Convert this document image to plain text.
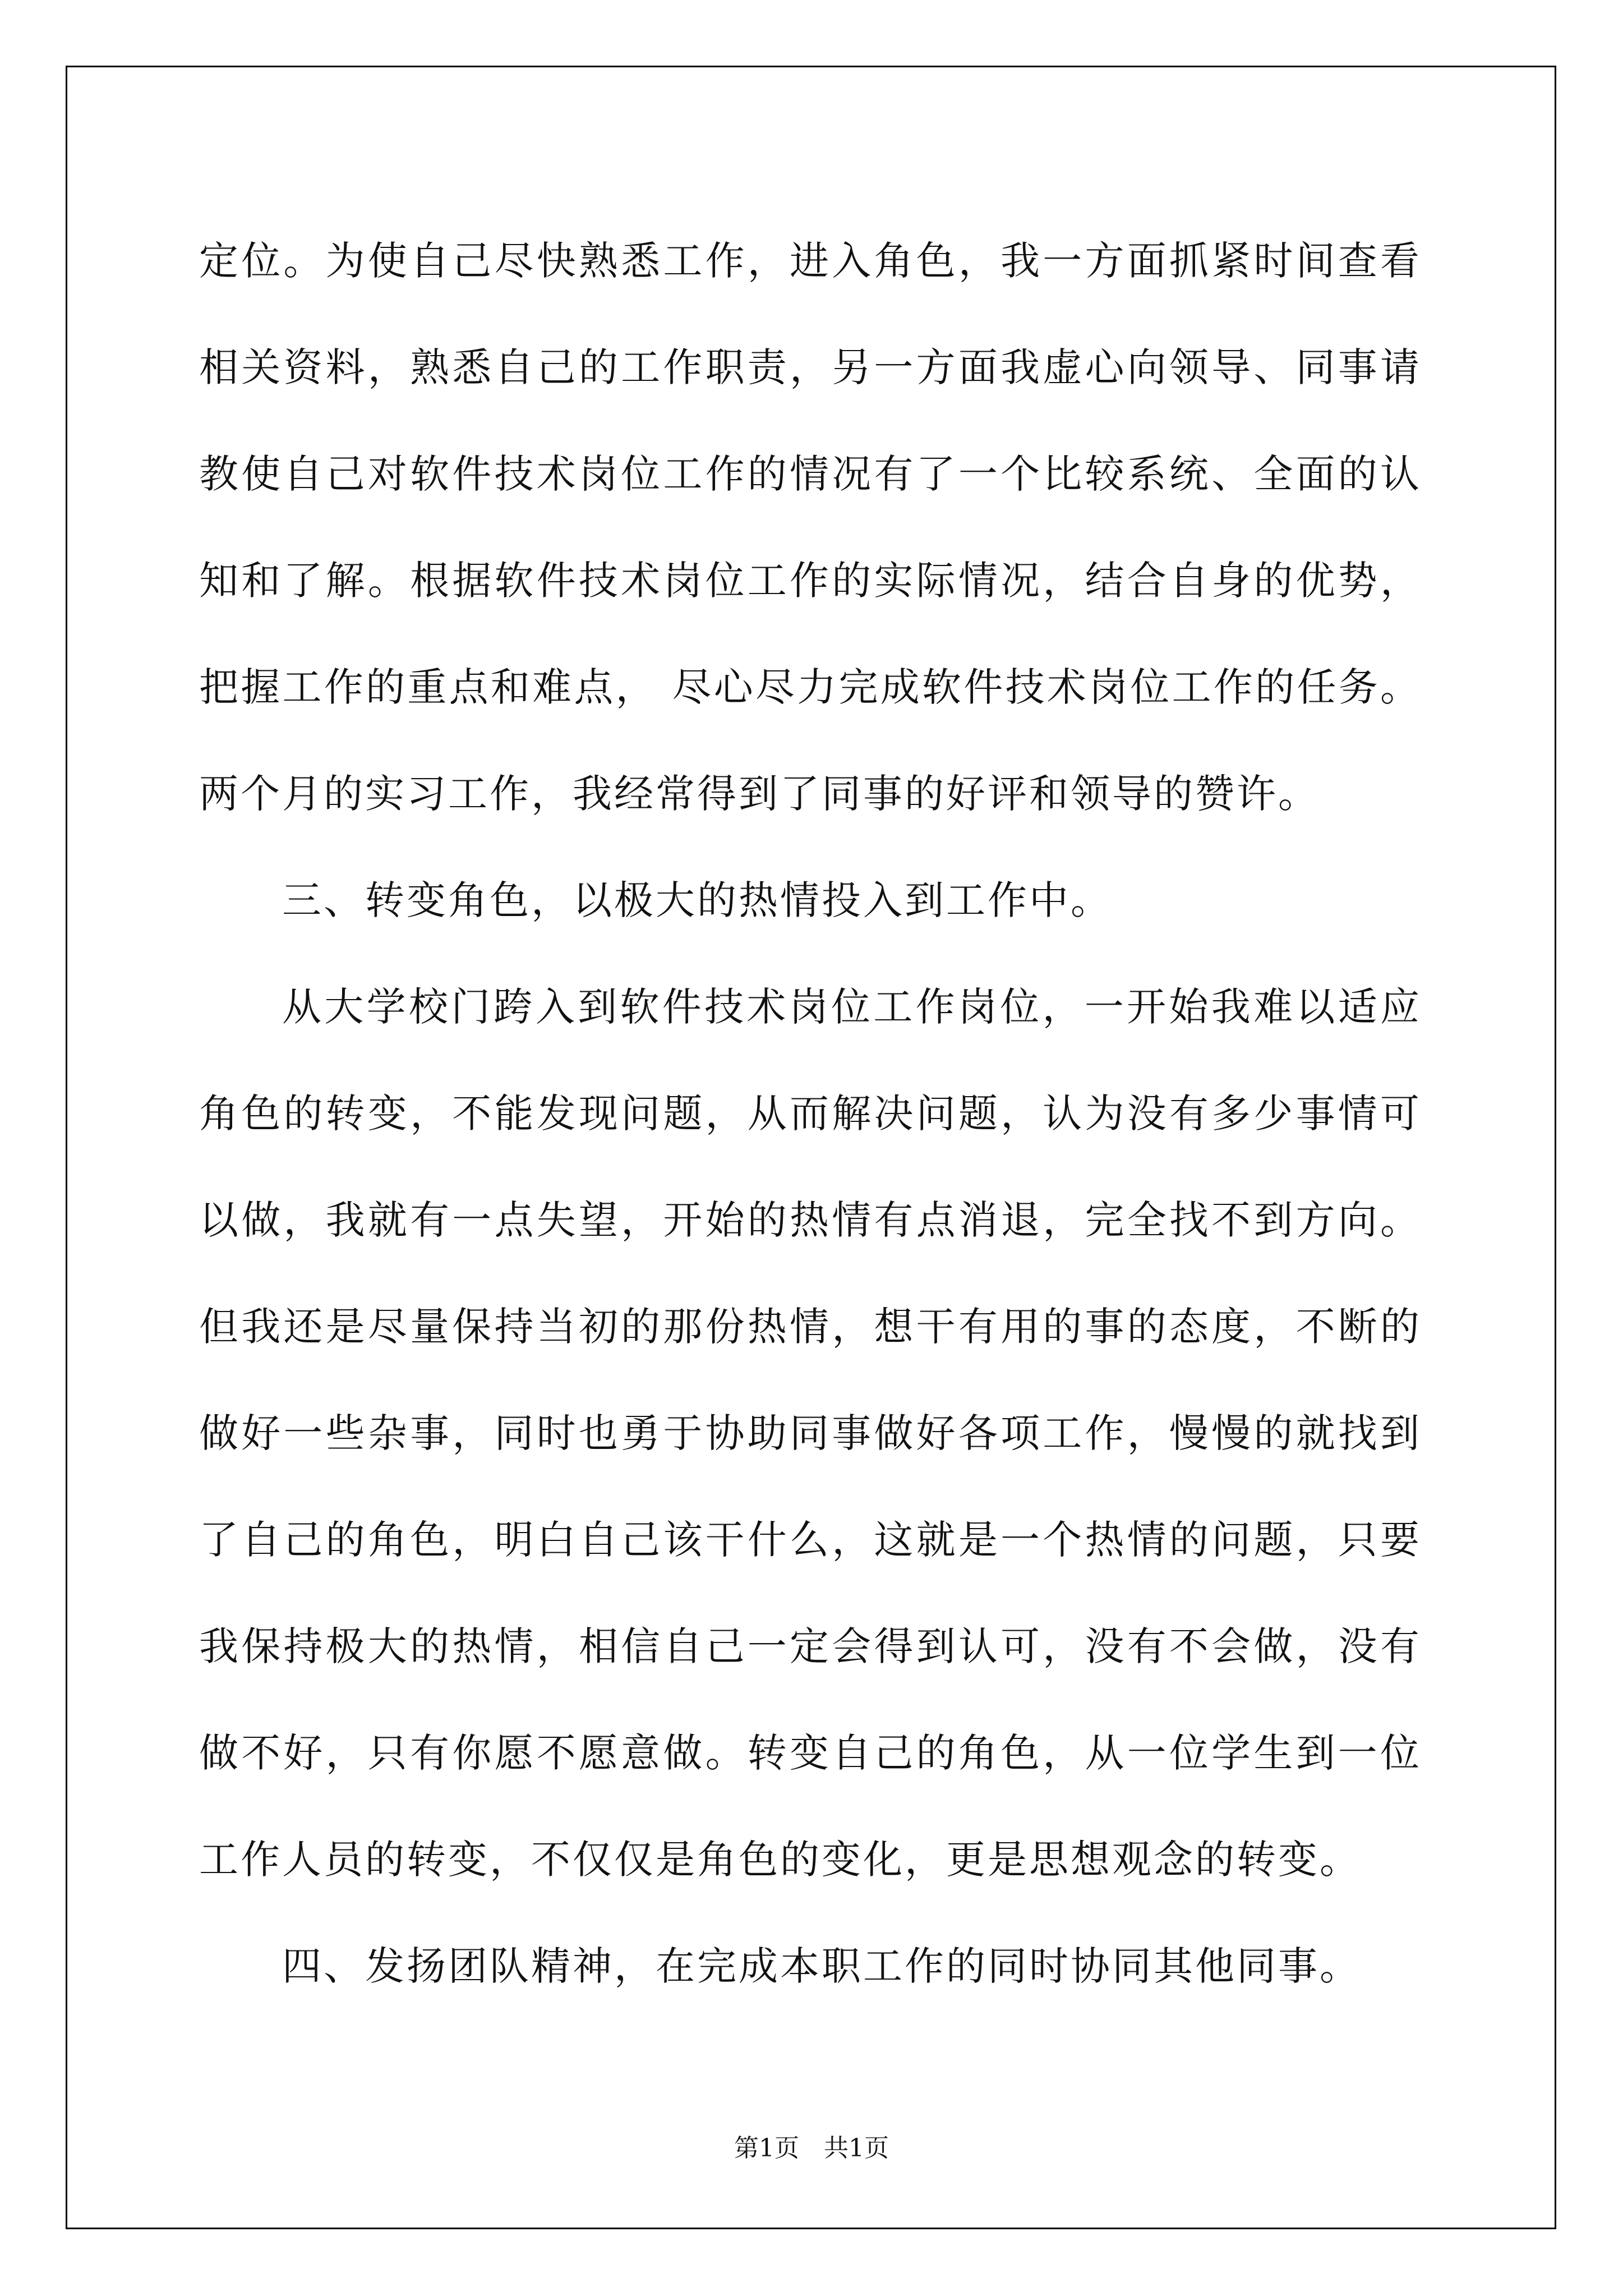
定位。为使自己尽快熟悉工作，进入角色，我一方面抓紧时间查看相关资料，熟悉自己的工作职责，另一方面我虚心向领导、同事请教使自己对软件技术岗位工作的情况有了一个比较系统、全面的认知和了解。根据软件技术岗位工作的实际情况，结合自身的优势，把握工作的重点和难点， 尽心尽力完成软件技术岗位工作的任务。两个月的实习工作，我经常得到了同事的好评和领导的赞许。

三、转变角色，以极大的热情投入到工作中。

从大学校门跨入到软件技术岗位工作岗位，一开始我难以适应角色的转变，不能发现问题，从而解决问题，认为没有多少事情可以做，我就有一点失望，开始的热情有点消退，完全找不到方向。但我还是尽量保持当初的那份热情，想干有用的事的态度，不断的做好一些杂事，同时也勇于协助同事做好各项工作，慢慢的就找到了自己的角色，明白自己该干什么，这就是一个热情的问题，只要我保持极大的热情，相信自己一定会得到认可，没有不会做，没有做不好，只有你愿不愿意做。转变自己的角色，从一位学生到一位工作人员的转变，不仅仅是角色的变化，更是思想观念的转变。

四、发扬团队精神，在完成本职工作的同时协同其他同事。

第1页　共1页
